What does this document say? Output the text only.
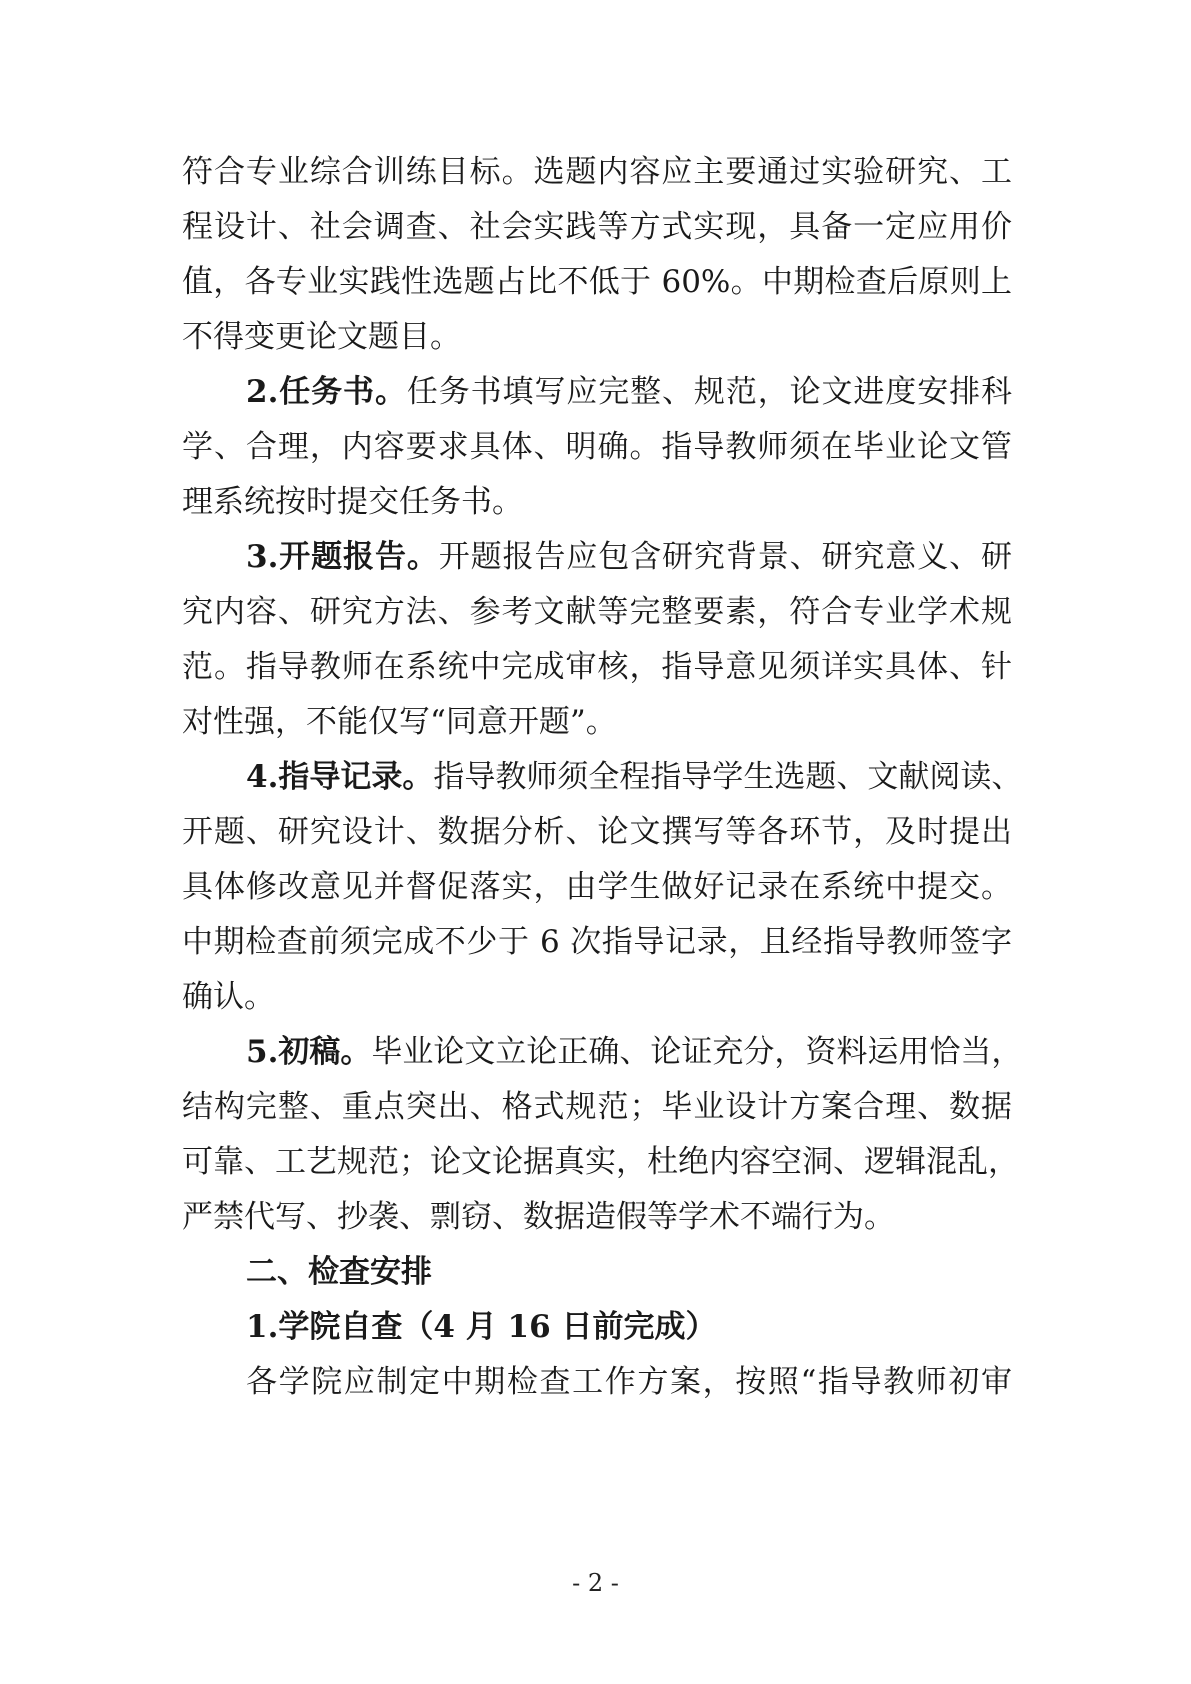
符合专业综合训练目标。选题内容应主要通过实验研究、工
程设计、社会调查、社会实践等方式实现，具备一定应用价
值，各专业实践性选题占比不低于 60%。中期检查后原则上
不得变更论文题目。
2.任务书。任务书填写应完整、规范，论文进度安排科
学、合理，内容要求具体、明确。指导教师须在毕业论文管
理系统按时提交任务书。
3.开题报告。开题报告应包含研究背景、研究意义、研
究内容、研究方法、参考文献等完整要素，符合专业学术规
范。指导教师在系统中完成审核，指导意见须详实具体、针
对性强，不能仅写“同意开题”。
4.指导记录。指导教师须全程指导学生选题、文献阅读、
开题、研究设计、数据分析、论文撰写等各环节，及时提出
具体修改意见并督促落实，由学生做好记录在系统中提交。
中期检查前须完成不少于 6 次指导记录，且经指导教师签字
确认。
5.初稿。毕业论文立论正确、论证充分，资料运用恰当，
结构完整、重点突出、格式规范；毕业设计方案合理、数据
可靠、工艺规范；论文论据真实，杜绝内容空洞、逻辑混乱，
严禁代写、抄袭、剽窃、数据造假等学术不端行为。
二、检查安排
1.学院自查（4 月 16 日前完成）
各学院应制定中期检查工作方案，按照“指导教师初审
- 2 -
